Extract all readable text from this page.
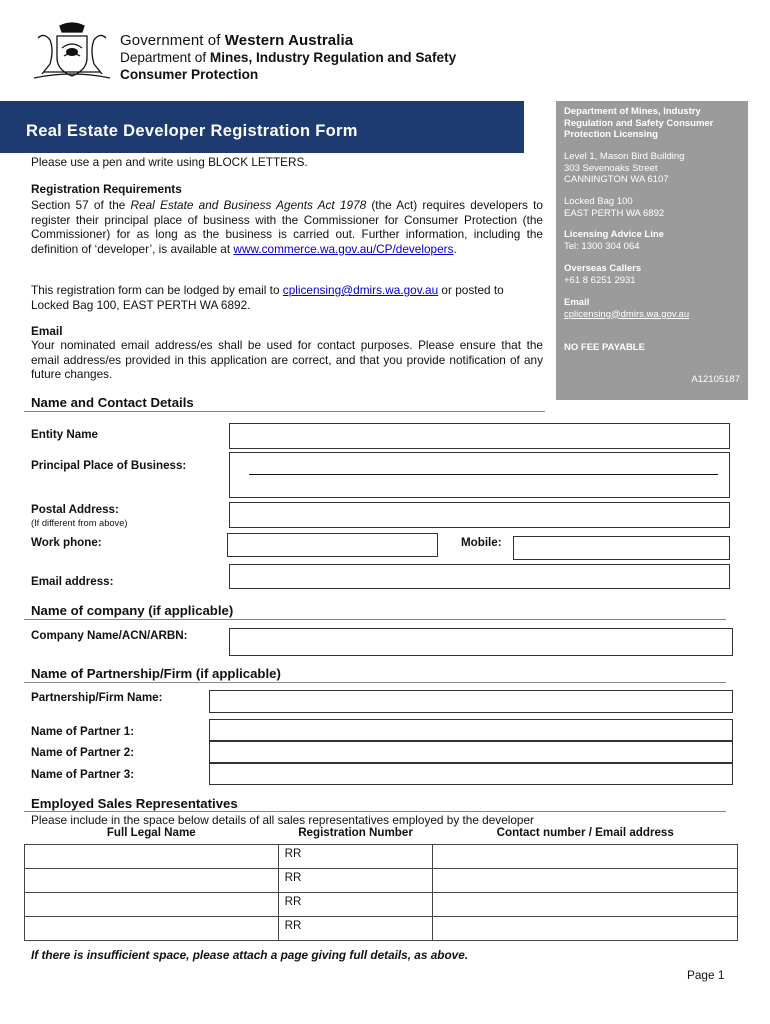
Government of Western Australia
Department of Mines, Industry Regulation and Safety
Consumer Protection
Real Estate Developer Registration Form
Department of Mines, Industry Regulation and Safety Consumer Protection Licensing
Level 1, Mason Bird Building
303 Sevenoaks Street
CANNINGTON WA 6107
Locked Bag 100
EAST PERTH WA 6892
Licensing Advice Line
Tel: 1300 304 064
Overseas Callers
+61 8 6251 2931
Email
cplicensing@dmirs.wa.gov.au
NO FEE PAYABLE
A12105187
Please use a pen and write using BLOCK LETTERS.
Registration Requirements
Section 57 of the Real Estate and Business Agents Act 1978 (the Act) requires developers to register their principal place of business with the Commissioner for Consumer Protection (the Commissioner) for as long as the business is carried out. Further information, including the definition of ‘developer’, is available at www.commerce.wa.gov.au/CP/developers.
This registration form can be lodged by email to cplicensing@dmirs.wa.gov.au or posted to Locked Bag 100, EAST PERTH WA 6892.
Email
Your nominated email address/es shall be used for contact purposes. Please ensure that the email address/es provided in this application are correct, and that you provide notification of any future changes.
Name and Contact Details
Entity Name
Principal Place of Business:
Postal Address:
(If different from above)
Work phone:	Mobile:
Email address:
Name of company (if applicable)
Company Name/ACN/ARBN:
Name of Partnership/Firm (if applicable)
Partnership/Firm Name:
Name of Partner 1:
Name of Partner 2:
Name of Partner 3:
Employed Sales Representatives
Please include in the space below details of all sales representatives employed by the developer
Full Legal Name	Registration Number	Contact number / Email address
	RR	
	RR	
	RR	
	RR	
If there is insufficient space, please attach a page giving full details, as above.
Page 1
